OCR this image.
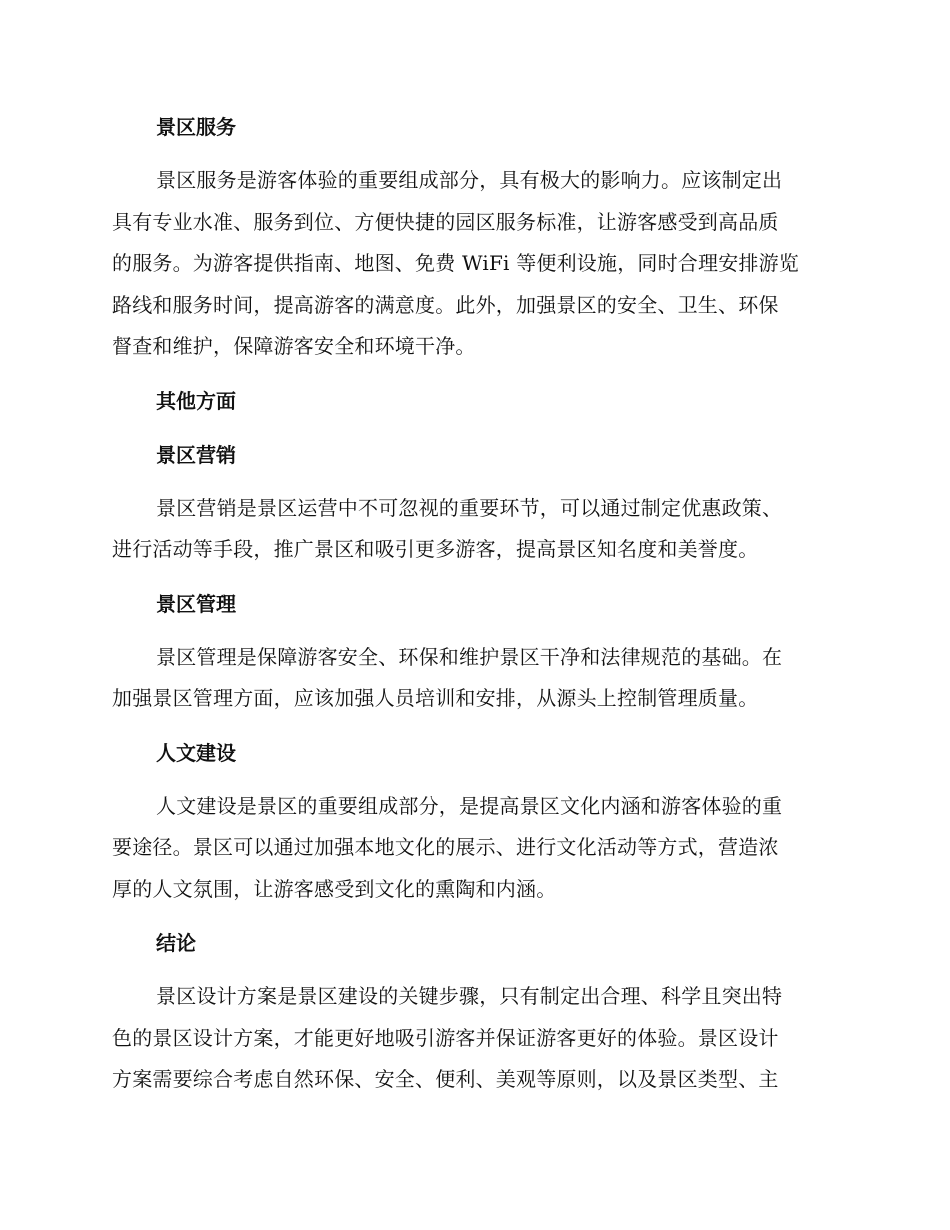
景区服务
景区服务是游客体验的重要组成部分，具有极大的影响力。应该制定出
具有专业水准、服务到位、方便快捷的园区服务标准，让游客感受到高品质
的服务。为游客提供指南、地图、免费 WiFi 等便利设施，同时合理安排游览
路线和服务时间，提高游客的满意度。此外，加强景区的安全、卫生、环保
督查和维护，保障游客安全和环境干净。
其他方面
景区营销
景区营销是景区运营中不可忽视的重要环节，可以通过制定优惠政策、
进行活动等手段，推广景区和吸引更多游客，提高景区知名度和美誉度。
景区管理
景区管理是保障游客安全、环保和维护景区干净和法律规范的基础。在
加强景区管理方面，应该加强人员培训和安排，从源头上控制管理质量。
人文建设
人文建设是景区的重要组成部分，是提高景区文化内涵和游客体验的重
要途径。景区可以通过加强本地文化的展示、进行文化活动等方式，营造浓
厚的人文氛围，让游客感受到文化的熏陶和内涵。
结论
景区设计方案是景区建设的关键步骤，只有制定出合理、科学且突出特
色的景区设计方案，才能更好地吸引游客并保证游客更好的体验。景区设计
方案需要综合考虑自然环保、安全、便利、美观等原则，以及景区类型、主
